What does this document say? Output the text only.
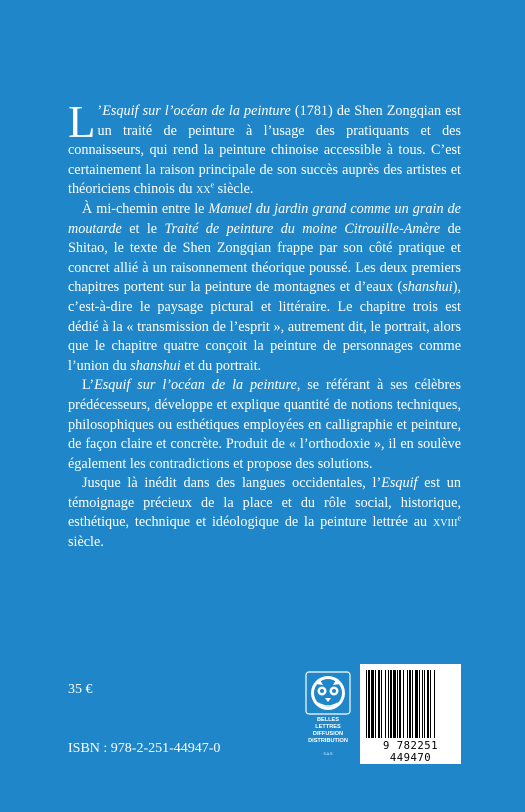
L ’Esquif sur l’océan de la peinture (1781) de Shen Zongqian est un traité de peinture à l’usage des pratiquants et des connaisseurs, qui rend la peinture chinoise accessible à tous. C’est certainement la raison principale de son succès auprès des artistes et théoriciens chinois du $xx^e$ siècle.

À mi-chemin entre le Manuel du jardin grand comme un grain de moutarde et le Traité de peinture du moine Citrouille-Amère de Shitao, le texte de Shen Zongqian frappe par son côté pratique et concret allié à un raisonnement théorique poussé. Les deux premiers chapitres portent sur la peinture de montagnes et d’eaux (shanshui), c’est-à-dire le paysage pictural et littéraire. Le chapitre trois est dédié à la « transmission de l’esprit », autrement dit, le portrait, alors que le chapitre quatre conçoit la peinture de personnages comme l’union du shanshui et du portrait.

L’Esquif sur l’océan de la peinture, se référant à ses célèbres prédécesseurs, développe et explique quantité de notions techniques, philosophiques ou esthétiques employées en calligraphie et peinture, de façon claire et concrète. Produit de « l’orthodoxie », il en soulève également les contradictions et propose des solutions.

Jusque là inédit dans des langues occidentales, l’Esquif est un témoignage précieux de la place et du rôle social, historique, esthétique, technique et idéologique de la peinture lettrée au xviii$^e$ siècle.

35 €
ISBN : 978-2-251-44947-0
BELLES LETTRES
DIFFUSION
DISTRIBUTION
S.A.S
9 782251 449470
